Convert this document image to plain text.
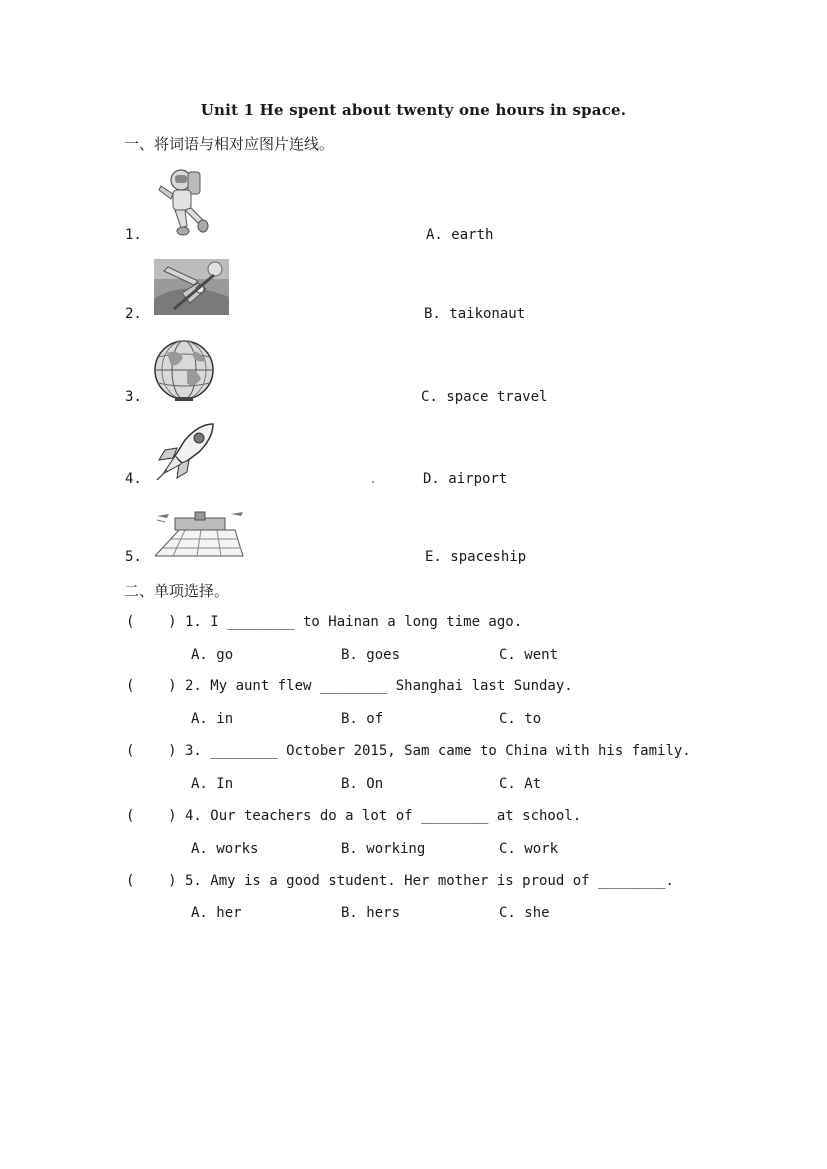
Unit 1 He spent about twenty one hours in space.
一、将词语与相对应图片连线。
1.	A. earth
2.	B. taikonaut
3.	C. space travel
4.	D. airport
5.	E. spaceship
二、单项选择。
(    ) 1. I ________ to Hainan a long time ago.
A. go	B. goes	C. went
(    ) 2. My aunt flew ________ Shanghai last Sunday.
A. in	B. of	C. to
(    ) 3. ________ October 2015, Sam came to China with his family.
A. In	B. On	C. At
(    ) 4. Our teachers do a lot of ________ at school.
A. works	B. working	C. work
(    ) 5. Amy is a good student. Her mother is proud of ________.
A. her	B. hers	C. she
